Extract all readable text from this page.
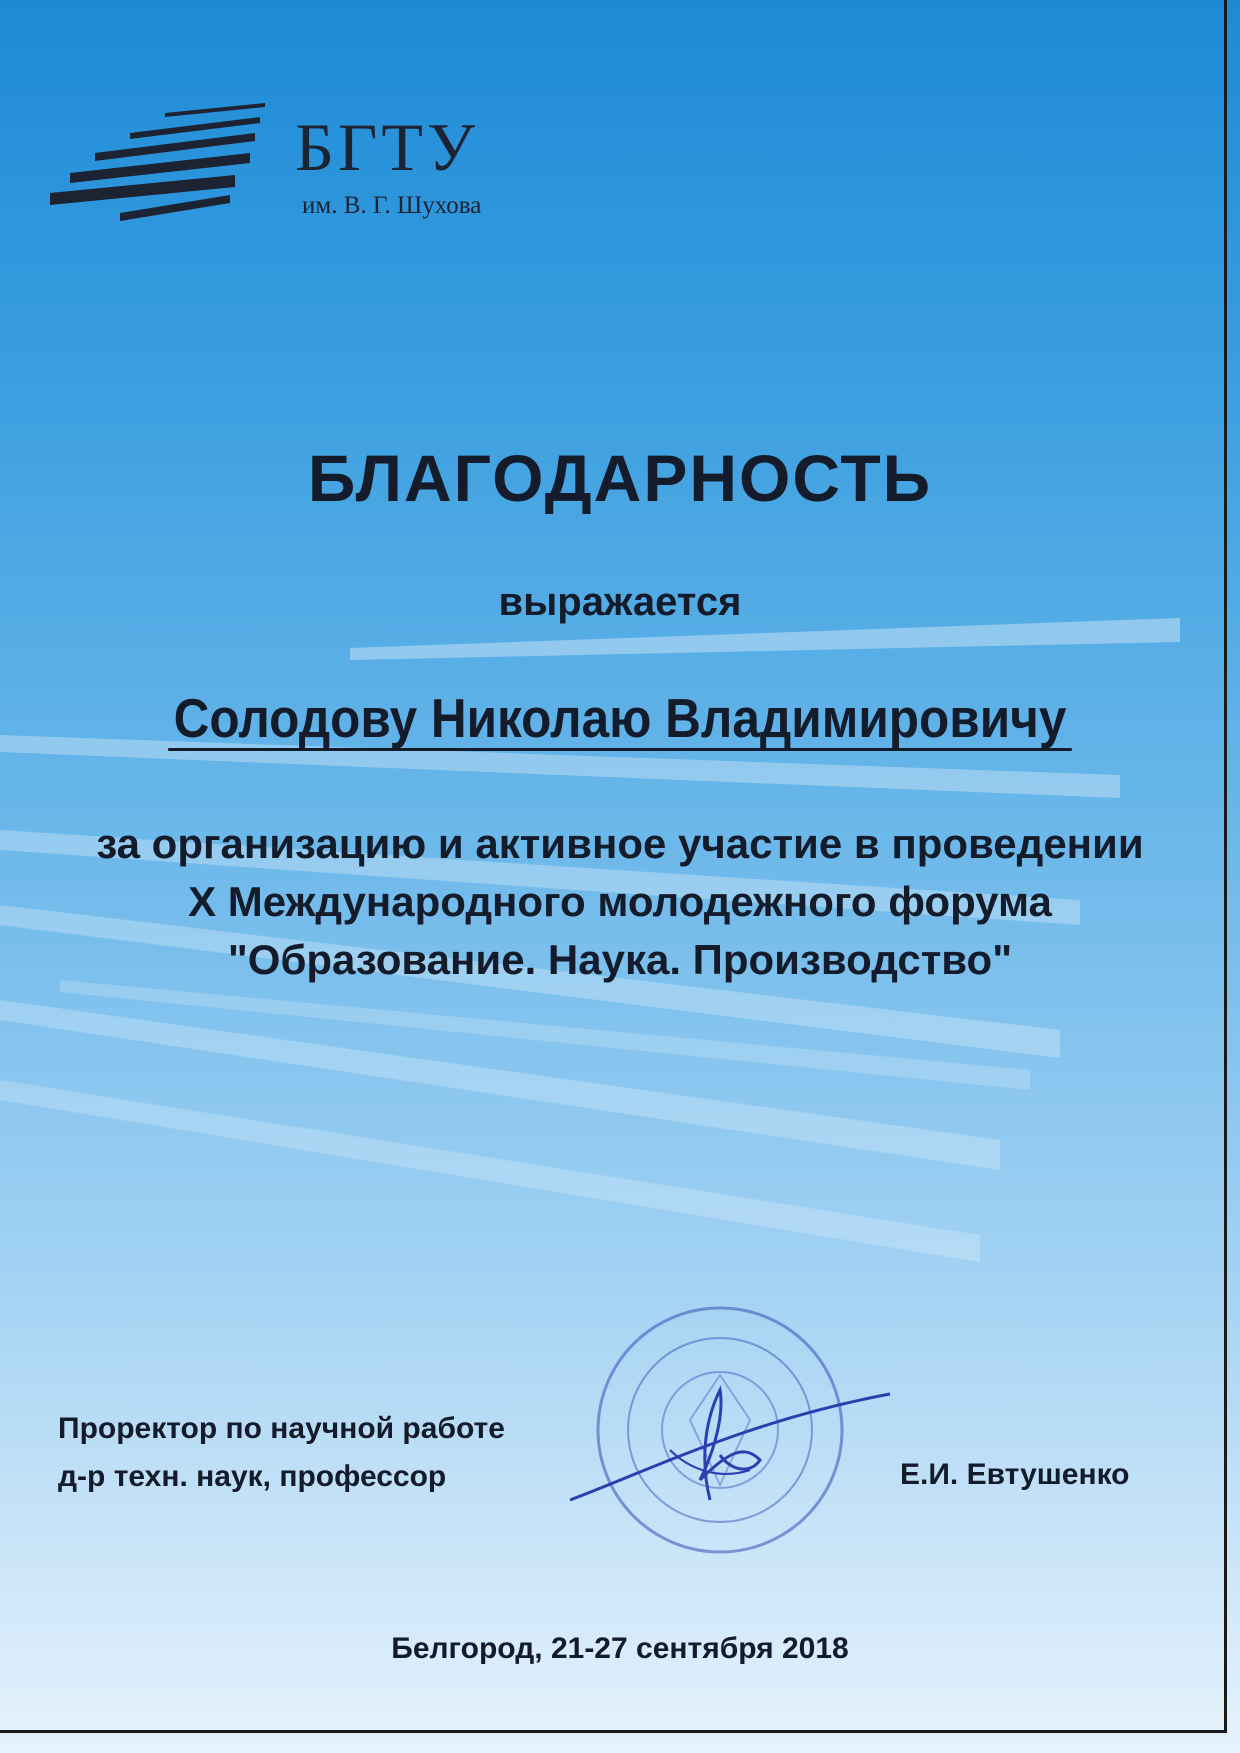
БГТУ
им. В. Г. Шухова
БЛАГОДАРНОСТЬ
выражается
Солодову Николаю Владимировичу
за организацию и активное участие в проведении
X Международного молодежного форума
"Образование. Наука. Производство"
Проректор по научной работе
д-р техн. наук, профессор	Е.И. Евтушенко
Белгород, 21-27 сентября 2018
